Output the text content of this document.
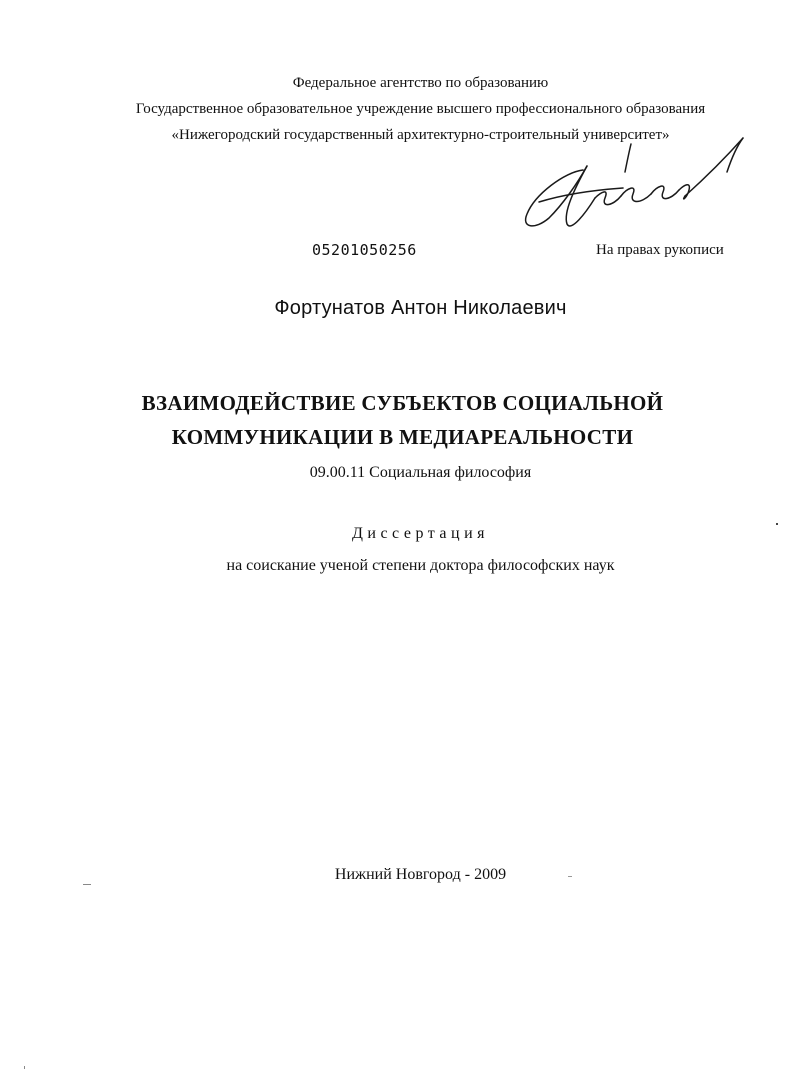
Федеральное агентство по образованию
Государственное образовательное учреждение высшего профессионального образования
«Нижегородский государственный архитектурно-строительный университет»
05201050256	На правах рукописи
Фортунатов Антон Николаевич
ВЗАИМОДЕЙСТВИЕ СУБЪЕКТОВ СОЦИАЛЬНОЙ
КОММУНИКАЦИИ В МЕДИАРЕАЛЬНОСТИ
09.00.11 Социальная философия
Диссертация
на соискание ученой степени доктора философских наук
Нижний Новгород - 2009
